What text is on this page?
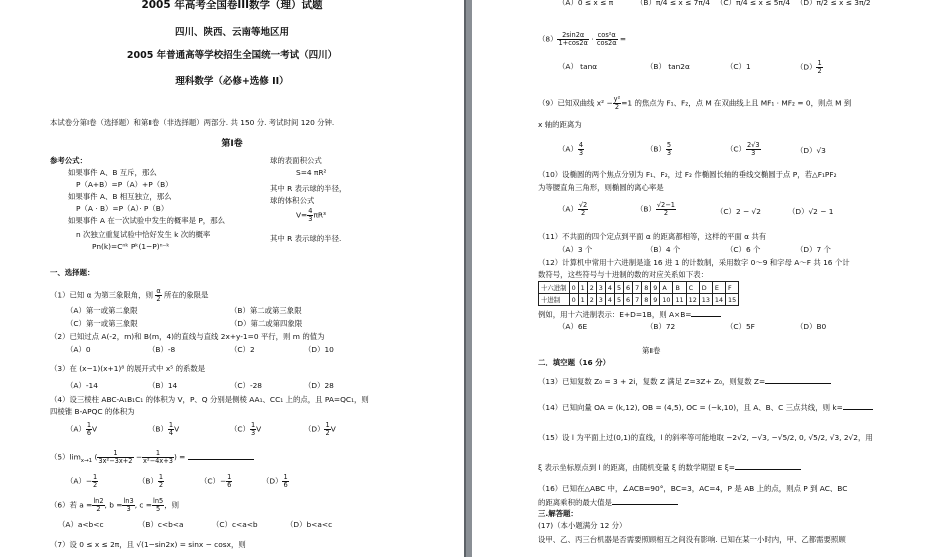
2005 年高考全国卷III数学（理）试题
四川、陕西、云南等地区用
2005 年普通高等学校招生全国统一考试（四川）
理科数学（必修+选修 II）
本试卷分第Ⅰ卷（选择题）和第Ⅱ卷（非选择题）两部分. 共 150 分. 考试时间 120 分钟.
第Ⅰ卷
参考公式：
如果事件 A、B 互斥，那么
P（A+B）=P（A）+P（B）
如果事件 A、B 相互独立，那么
P（A · B）=P（A）· P（B）
如果事件 A 在一次试验中发生的概率是 P，那么
n 次独立重复试验中恰好发生 k 次的概率
Pn(k)=Cⁿᵏ Pᵏ(1−P)ⁿ⁻ᵏ
球的表面积公式
S=4 πR²
其中 R 表示球的半径，
球的体积公式
$V= \frac{4}{3} \pi R^3$
其中 R 表示球的半径.
一、选择题：
（1）已知 α 为第三象限角，则 $\frac{\alpha}{2}$ 所在的象限是
（A）第一或第二象限	（B）第二或第三象限
（C）第一或第三象限	（D）第二或第四象限
（2）已知过点 A(-2，m)和 B(m，4)的直线与直线 2x+y-1=0 平行，则 m 的值为
（A）0	（B）-8	（C）2	（D）10
（3）在 (x−1)(x+1)⁸ 的展开式中 x⁵ 的系数是
（A）-14	（B）14	（C）-28	（D）28
（4）设三棱柱 ABC-A₁B₁C₁ 的体积为 V，P、Q 分别是侧棱 AA₁、CC₁ 上的点，且 PA=QC₁，则
四棱锥 B-APQC 的体积为
$(A) \frac{1}{6}$ V	$(B) \frac{1}{4}$ V	$(C) \frac{1}{3}$ V	$(D) \frac{1}{2}$ V
$(5)\lim_{x\to 1}$ ( $\frac{1}{\text{3x²−3x+2}} - \frac{1}{\text{x²−4x+3}}$ ) =
$(A)- \frac{1}{2}$	$(B) \frac{1}{2}$	$(C)- \frac{1}{6}$	$(D) \frac{1}{6}$
（6）若 $a = \frac{\ln 2}{2}$ , $b = \frac{\ln 3}{3}$ , $c = \frac{\ln 5}{5}$ ，则
（A）a<b<c	（B）c<b<a	（C）c<a<b	（D）b<a<c
（7）设 0 ≤ x ≤ 2π，且 √(1−sin2x) = sinx − cosx，则
（A）0 ≤ x ≤ π	（B）π/4 ≤ x ≤ 7π/4 （C）π/4 ≤ x ≤ 5π/4 （D）π/2 ≤ x ≤ 3π/2
$(8) \frac{2\sin 2\alpha}{1+\cos 2\alpha} \cdot \frac{\text{cos²α}}{\cos 2\alpha}$ =
（A） tanα	（B） tan2α	（C）1	$(D) \frac{1}{2}$
（9）已知双曲线 $x^2 - \frac{\text{y²}}{2} =1$ 的焦点为 F₁、F₂，点 M 在双曲线上且 MF₁ · MF₂ = 0，则点 M 到
x 轴的距离为
$(A) \frac{4}{3}$	$(B) \frac{5}{3}$	$(C) \frac{2√3}{3}$	（D）√3
（10）设椭圆的两个焦点分别为 F₁、F₂，过 F₂ 作椭圆长轴的垂线交椭圆于点 P，若△F₁PF₂
为等腰直角三角形，则椭圆的离心率是
$(A) \frac{√2}{2}$	$(B) \frac{√2-1}{2}$	（C）2 − √2	（D）√2 − 1
（11）不共面的四个定点到平面 α 的距离都相等，这样的平面 α 共有
（A）3 个	（B）4 个	（C）6 个	（D）7 个
（12）计算机中常用十六进制是逢 16 进 1 的计数制，采用数字 0～9 和字母 A～F 共 16 个计
数符号，这些符号与十进制的数的对应关系如下表：
十六进制	0	1	2	3	4	5	6	7	8	9	A	B	C	D	E	F
十进制	0	1	2	3	4	5	6	7	8	9	10	11	12	13	14	15
例如，用十六进制表示：E+D=1B，则 A×B=
（A）6E	（B）72	（C）5F	（D）B0
第Ⅱ卷
二．填空题（16 分）
（13）已知复数 Z₀ = 3 + 2i，复数 Z 满足 Z=3Z+ Z₀，则复数 Z=
（14）已知向量 OA = (k,12), OB = (4,5), OC = (−k,10)，且 A、B、C 三点共线，则 k=
（15）设 l 为平面上过(0,1)的直线，l 的斜率等可能地取 −2√2, −√3, −√5/2, 0, √5/2, √3, 2√2，用
ξ 表示坐标原点到 l 的距离，由随机变量 ξ 的数学期望 E ξ=
（16）已知在△ABC 中，∠ACB=90°，BC=3，AC=4，P 是 AB 上的点，则点 P 到 AC、BC
的距离乘积的最大值是
三.解答题：
(17)（本小题满分 12 分）
设甲、乙、丙三台机器是否需要照顾相互之间没有影响. 已知在某一小时内，甲、乙都需要照顾
